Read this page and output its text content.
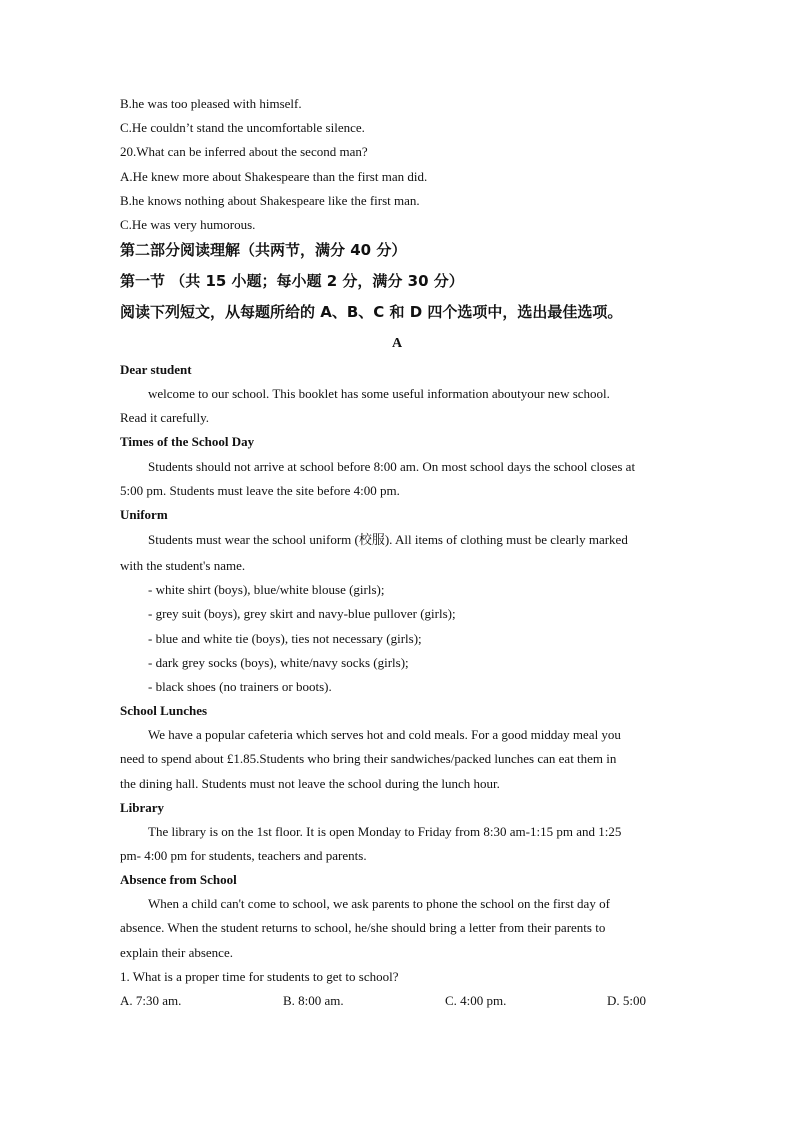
B.he was too pleased with himself.
C.He couldn’t stand the uncomfortable silence.
20.What can be inferred about the second man?
A.He knew more about Shakespeare than the first man did.
B.he knows nothing about Shakespeare like the first man.
C.He was very humorous.
第二部分阅读理解（共两节，满分 40 分）
第一节 （共 15 小题；每小题 2 分，满分 30 分）
阅读下列短文，从每题所给的 A、B、C 和 D 四个选项中，选出最佳选项。
A
Dear student
welcome to our school. This booklet has some useful information aboutyour new school.
Read it carefully.
Times of the School Day
Students should not arrive at school before 8:00 am. On most school days the school closes at
5:00 pm. Students must leave the site before 4:00 pm.
Uniform
Students must wear the school uniform (校服). All items of clothing must be clearly marked
with the student's name.
- white shirt (boys), blue/white blouse (girls);
- grey suit (boys), grey skirt and navy-blue pullover (girls);
- blue and white tie (boys), ties not necessary (girls);
- dark grey socks (boys), white/navy socks (girls);
- black shoes (no trainers or boots).
School Lunches
We have a popular cafeteria which serves hot and cold meals. For a good midday meal you
need to spend about £1.85.Students who bring their sandwiches/packed lunches can eat them in
the dining hall. Students must not leave the school during the lunch hour.
Library
The library is on the 1st floor. It is open Monday to Friday from 8:30 am-1:15 pm and 1:25
pm- 4:00 pm for students, teachers and parents.
Absence from School
When a child can't come to school, we ask parents to phone the school on the first day of
absence. When the student returns to school, he/she should bring a letter from their parents to
explain their absence.
1. What is a proper time for students to get to school?
A. 7:30 am.	B. 8:00 am.	C. 4:00 pm.	D. 5:00
